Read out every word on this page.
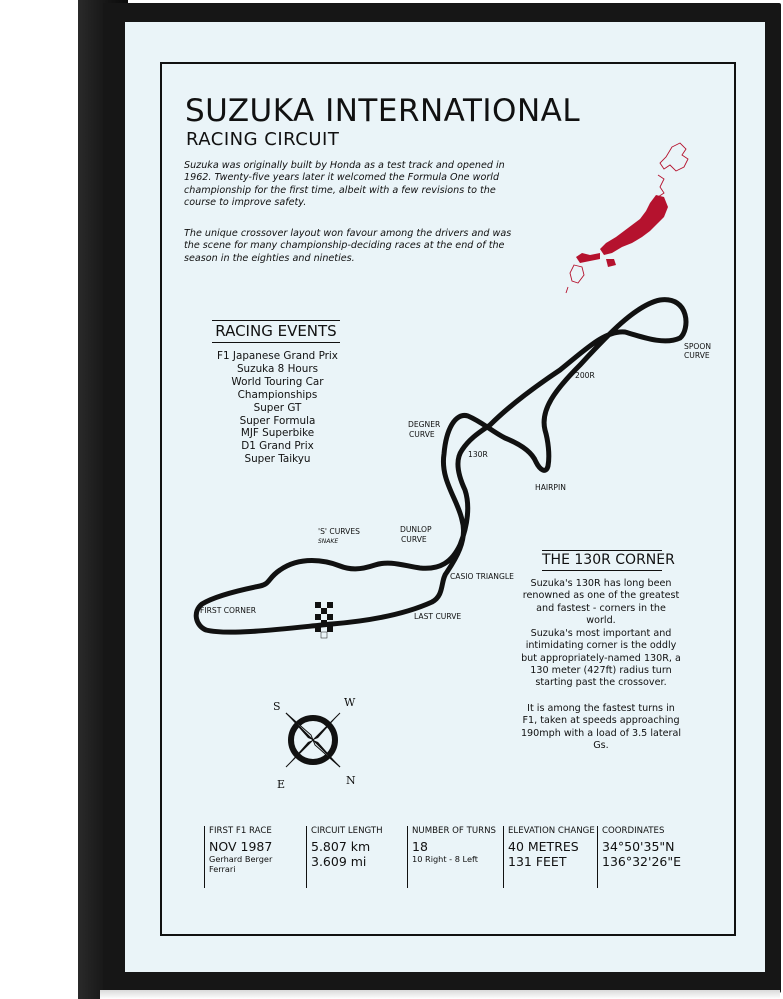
SUZUKA INTERNATIONAL
RACING CIRCUIT
Suzuka was originally built by Honda as a test track and opened in 1962. Twenty-five years later it welcomed the Formula One world championship for the first time, albeit with a few revisions to the course to improve safety.
The unique crossover layout won favour among the drivers and was the scene for many championship-deciding races at the end of the season in the eighties and nineties.
RACING EVENTS
F1 Japanese Grand Prix
Suzuka 8 Hours
World Touring Car Championships
Super GT
Super Formula
MJF Superbike
D1 Grand Prix
Super Taikyu
SPOON
CURVE
200R
DEGNER
CURVE
130R
HAIRPIN
'S' CURVES
SNAKE
DUNLOP
CURVE
CASIO TRIANGLE
FIRST CORNER
LAST CURVE
THE 130R CORNER
Suzuka's 130R has long been renowned as one of the greatest and fastest - corners in the world.
Suzuka's most important and intimidating corner is the oddly but appropriately-named 130R, a 130 meter (427ft) radius turn starting past the crossover.
It is among the fastest turns in F1, taken at speeds approaching 190mph with a load of 3.5 lateral Gs.
S	W
E	N
FIRST F1 RACE
NOV 1987
Gerhard Berger
Ferrari
CIRCUIT LENGTH
5.807 km
3.609 mi
NUMBER OF TURNS
18
10 Right - 8 Left
ELEVATION CHANGE
40 METRES
131 FEET
COORDINATES
34°50'35"N
136°32'26"E
